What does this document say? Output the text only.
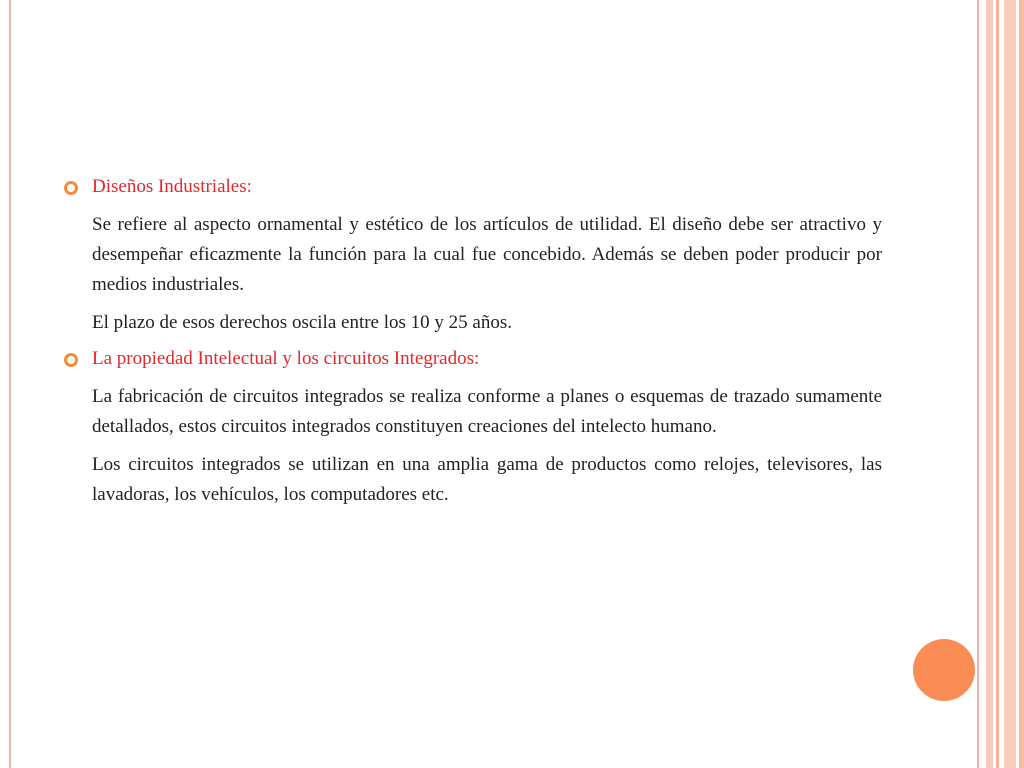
Diseños Industriales:
Se refiere al aspecto ornamental y estético de los artículos de utilidad. El diseño debe ser atractivo y desempeñar eficazmente la función para la cual fue concebido. Además se deben poder producir por medios industriales.
El plazo de esos derechos oscila entre los 10 y 25 años.
La propiedad Intelectual y los circuitos Integrados:
La fabricación de circuitos integrados se realiza conforme a planes o esquemas de trazado sumamente detallados, estos circuitos integrados constituyen creaciones del intelecto humano.
Los circuitos integrados se utilizan en una amplia gama de productos como relojes, televisores, las lavadoras, los vehículos, los computadores etc.
